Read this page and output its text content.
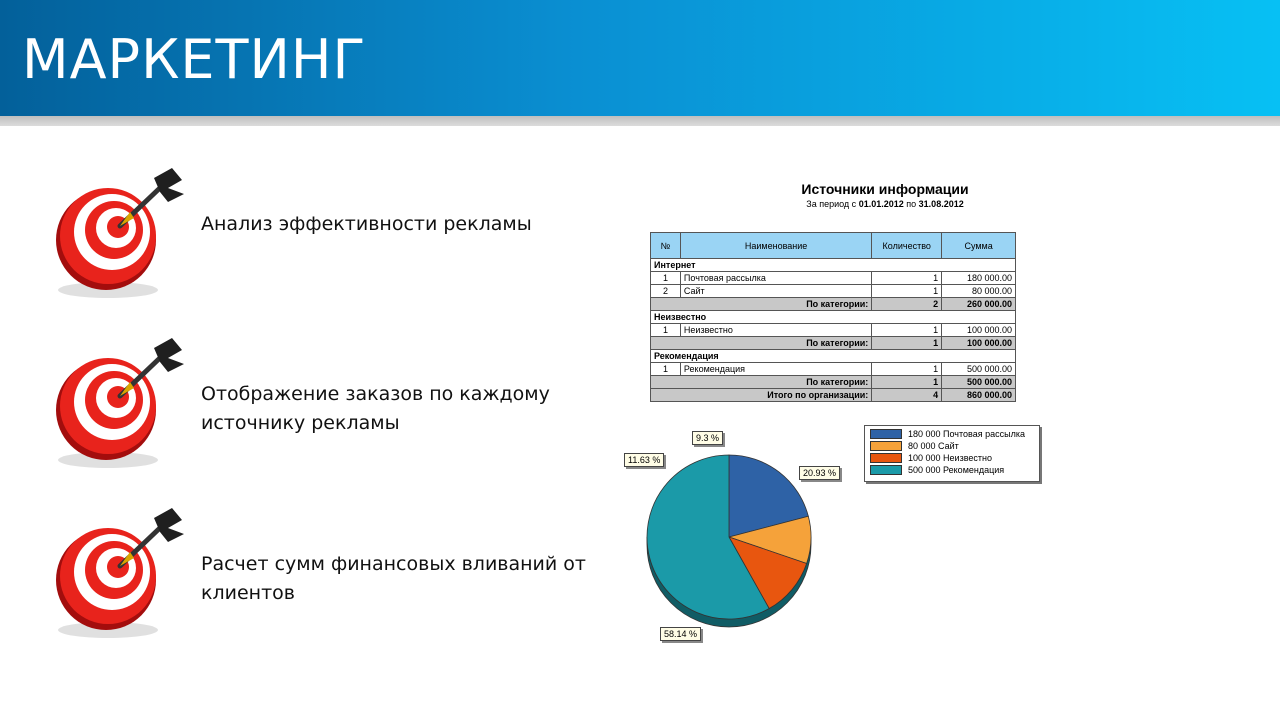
МАРКЕТИНГ
Анализ эффективности рекламы
Отображение заказов по каждому источнику рекламы
Расчет сумм финансовых вливаний от клиентов
Источники информации
За период с 01.01.2012 по 31.08.2012
№	Наименование	Количество	Сумма
Интернет			
1	Почтовая рассылка	1	180 000.00
2	Сайт	1	80 000.00
По категории:		2	260 000.00
Неизвестно			
1	Неизвестно	1	100 000.00
По категории:		1	100 000.00
Рекомендация			
1	Рекомендация	1	500 000.00
По категории:		1	500 000.00
Итого по организации:		4	860 000.00
20.93 %
9.3 %
11.63 %
58.14 %
180 000 Почтовая рассылка
80 000 Сайт
100 000 Неизвестно
500 000 Рекомендация
